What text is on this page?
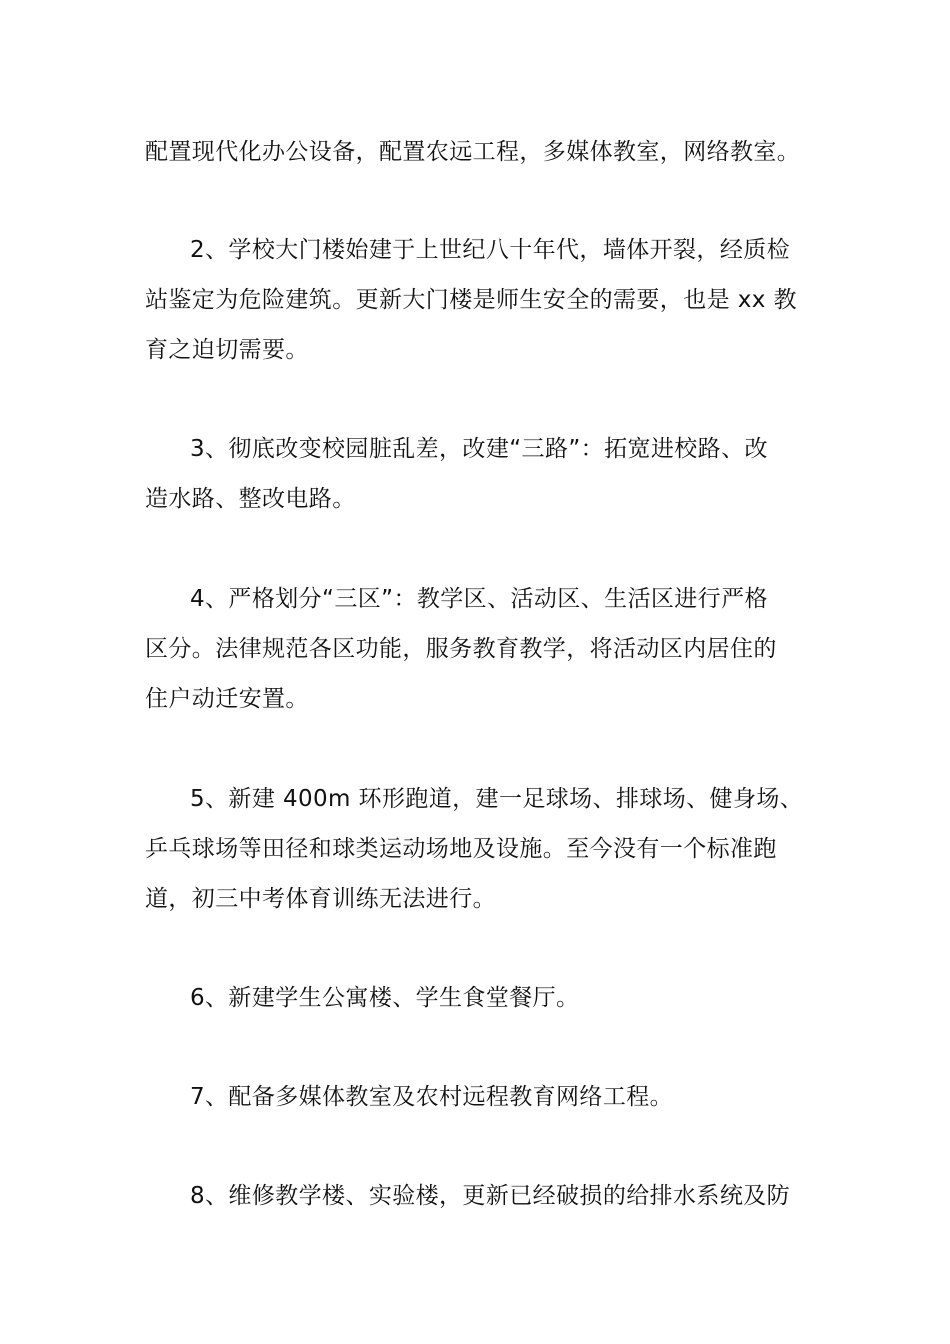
配置现代化办公设备，配置农远工程，多媒体教室，网络教室。
2、学校大门楼始建于上世纪八十年代，墙体开裂，经质检
站鉴定为危险建筑。更新大门楼是师生安全的需要，也是 xx 教
育之迫切需要。
3、彻底改变校园脏乱差，改建“三路”：拓宽进校路、改
造水路、整改电路。
4、严格划分“三区”：教学区、活动区、生活区进行严格
区分。法律规范各区功能，服务教育教学，将活动区内居住的
住户动迁安置。
5、新建 400m 环形跑道，建一足球场、排球场、健身场、
乒乓球场等田径和球类运动场地及设施。至今没有一个标准跑
道，初三中考体育训练无法进行。
6、新建学生公寓楼、学生食堂餐厅。
7、配备多媒体教室及农村远程教育网络工程。
8、维修教学楼、实验楼，更新已经破损的给排水系统及防
